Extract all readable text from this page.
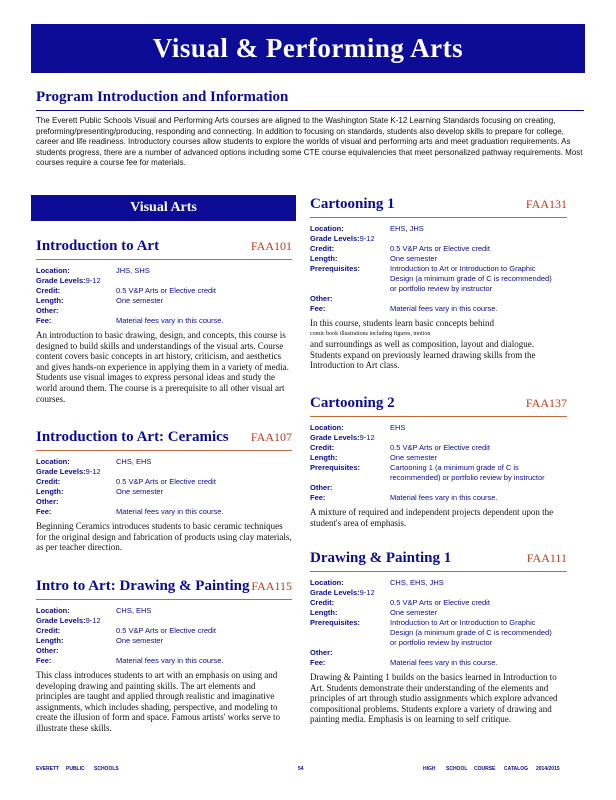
Visual & Performing Arts
Program Introduction and Information
The Everett Public Schools Visual and Performing Arts courses are aligned to the Washington State K-12 Learning Standards focusing on creating, preforming/presenting/producing, responding and connecting. In addition to focusing on standards, students also develop skills to prepare for college, career and life readiness. Introductory courses allow students to explore the worlds of visual and performing arts and meet graduation requirements. As students progress, there are a number of advanced options including some CTE course equivalencies that meet personalized pathway requirements. Most courses require a course fee for materials.
Visual Arts
Introduction to Art	FAA101
Location:	JHS, SHS
Grade Levels: 9-12
Credit:	0.5 V&P Arts or Elective credit
Length:	One semester
Other:
Fee:	Material fees vary in this course.
An introduction to basic drawing, design, and concepts, this course is designed to build skills and understandings of the visual arts. Course content covers basic concepts in art history, criticism, and aesthetics and gives hands-on experience in applying them in a variety of media. Students use visual images to express personal ideas and study the world around them. The course is a prerequisite to all other visual art courses.
Introduction to Art: Ceramics FAA107
Location:	CHS, EHS
Grade Levels: 9-12
Credit:	0.5 V&P Arts or Elective credit
Length:	One semester
Other:
Fee:	Material fees vary in this course.
Beginning Ceramics introduces students to basic ceramic techniques for the original design and fabrication of products using clay materials, as per teacher direction.
Intro to Art: Drawing & Painting FAA115
Location:	CHS, EHS
Grade Levels: 9-12
Credit:	0.5 V&P Arts or Elective credit
Length:	One semester
Other:
Fee:	Material fees vary in this course.
This class introduces students to art with an emphasis on using and developing drawing and painting skills. The art elements and principles are taught and applied through realistic and imaginative assignments, which includes shading, perspective, and modeling to create the illusion of form and space. Famous artists' works serve to illustrate these skills.
Cartooning 1	FAA131
Location:	EHS, JHS
Grade Levels: 9-12
Credit:	0.5 V&P Arts or Elective credit
Length:	One semester
Prerequisites:	Introduction to Art or Introduction to Graphic Design (a minimum grade of C is recommended) or portfolio review by instructor
Other:
Fee:	Material fees vary in this course.
In this course, students learn basic concepts behind
comic book illustrations including figures, motion
and surroundings as well as composition, layout and dialogue. Students expand on previously learned drawing skills from the Introduction to Art class.
Cartooning 2	FAA137
Location:	EHS
Grade Levels: 9-12
Credit:	0.5 V&P Arts or Elective credit
Length:	One semester
Prerequisites:	Cartooning 1 (a minimum grade of C is recommended) or portfolio review by instructor
Other:
Fee:	Material fees vary in this course.
A mixture of required and independent projects dependent upon the student's area of emphasis.
Drawing & Painting 1	FAA111
Location:	CHS, EHS, JHS
Grade Levels: 9-12
Credit:	0.5 V&P Arts or Elective credit
Length:	One semester
Prerequisites:	Introduction to Art or Introduction to Graphic Design (a minimum grade of C is recommended) or portfolio review by instructor
Other:
Fee:	Material fees vary in this course.
Drawing & Painting 1 builds on the basics learned in Introduction to Art. Students demonstrate their understanding of the elements and principles of art through studio assignments which explore advanced compositional problems. Students explore a variety of drawing and painting media. Emphasis is on learning to self critique.
EVERETT PUBLIC SCHOOLS	54	HIGH SCHOOL COURSE CATALOG 2014/2015
